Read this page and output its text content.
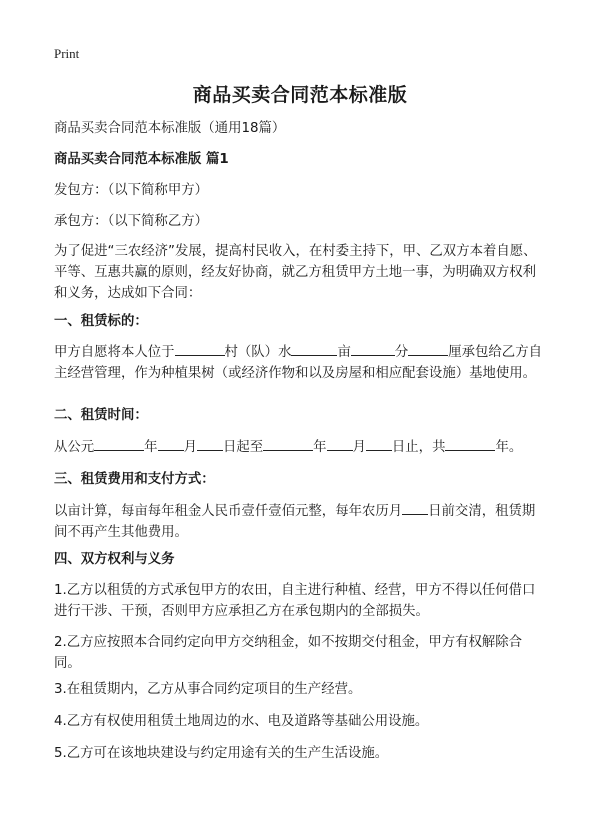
Print
商品买卖合同范本标准版
商品买卖合同范本标准版（通用18篇）
商品买卖合同范本标准版 篇1
发包方：（以下简称甲方）
承包方：（以下简称乙方）
为了促进“三农经济”发展，提高村民收入，在村委主持下，甲、乙双方本着自愿、平等、互惠共赢的原则，经友好协商，就乙方租赁甲方土地一事，为明确双方权利和义务，达成如下合同：
一、租赁标的：
甲方自愿将本人位于	村（队）水	亩	分	厘承包给乙方自主经营管理，作为种植果树（或经济作物和以及房屋和相应配套设施）基地使用。
二、租赁时间：
从公元	年 月 日起至	年 月 日止，共	年。
三、租赁费用和支付方式：
以亩计算，每亩每年租金人民币壹仟壹佰元整，每年农历月 日前交清，租赁期间不再产生其他费用。
四、双方权利与义务
1.乙方以租赁的方式承包甲方的农田，自主进行种植、经营，甲方不得以任何借口进行干涉、干预，否则甲方应承担乙方在承包期内的全部损失。
2.乙方应按照本合同约定向甲方交纳租金，如不按期交付租金，甲方有权解除合同。
3.在租赁期内，乙方从事合同约定项目的生产经营。
4.乙方有权使用租赁土地周边的水、电及道路等基础公用设施。
5.乙方可在该地块建设与约定用途有关的生产生活设施。
